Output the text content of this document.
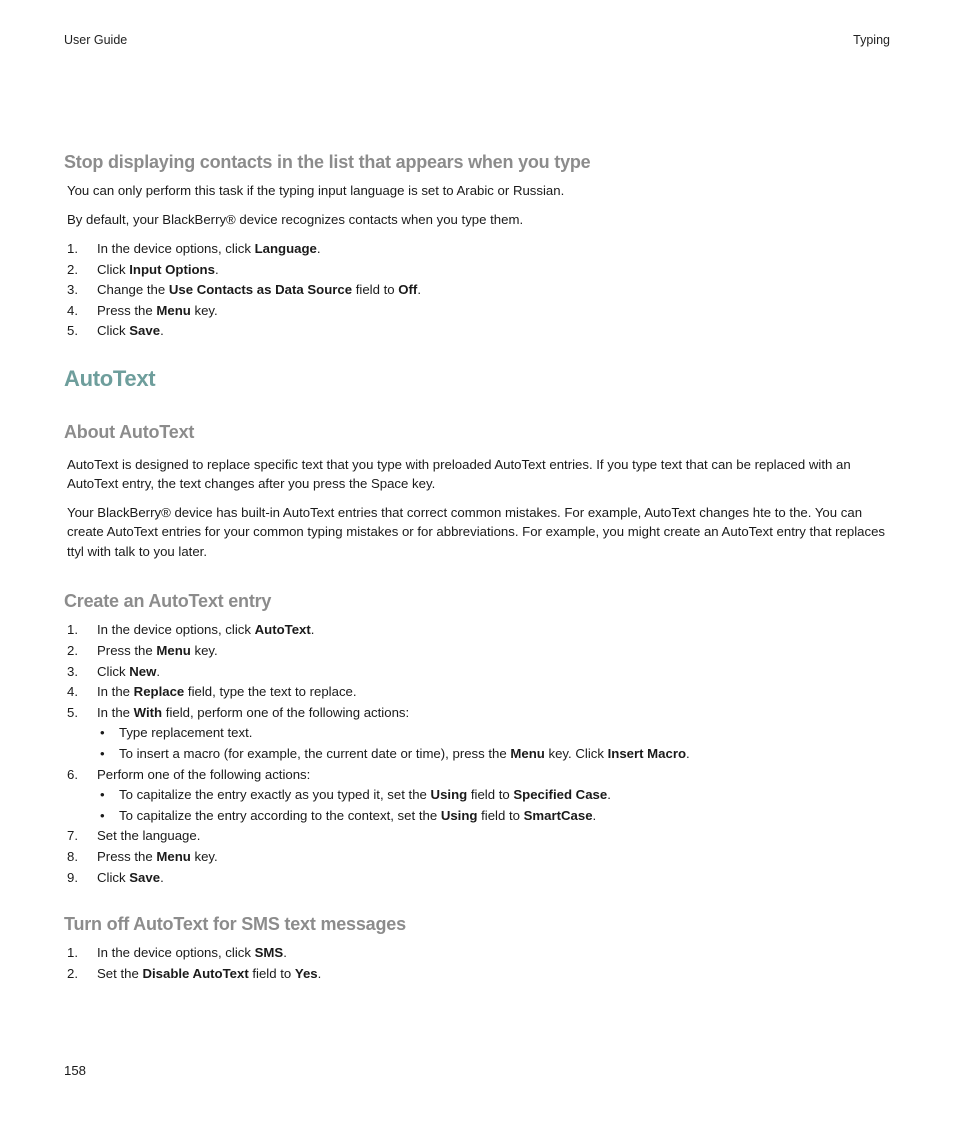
User Guide	Typing
Stop displaying contacts in the list that appears when you type

You can only perform this task if the typing input language is set to Arabic or Russian.

By default, your BlackBerry® device recognizes contacts when you type them.

1. In the device options, click Language.
2. Click Input Options.
3. Change the Use Contacts as Data Source field to Off.
4. Press the Menu key.
5. Click Save.
AutoText
About AutoText

AutoText is designed to replace specific text that you type with preloaded AutoText entries. If you type text that can be replaced with an AutoText entry, the text changes after you press the Space key.

Your BlackBerry® device has built-in AutoText entries that correct common mistakes. For example, AutoText changes hte to the. You can create AutoText entries for your common typing mistakes or for abbreviations. For example, you might create an AutoText entry that replaces ttyl with talk to you later.

Create an AutoText entry
1. In the device options, click AutoText.
2. Press the Menu key.
3. Click New.
4. In the Replace field, type the text to replace.
5. In the With field, perform one of the following actions:
• Type replacement text.
• To insert a macro (for example, the current date or time), press the Menu key. Click Insert Macro.
6. Perform one of the following actions:
• To capitalize the entry exactly as you typed it, set the Using field to Specified Case.
• To capitalize the entry according to the context, set the Using field to SmartCase.
7. Set the language.
8. Press the Menu key.
9. Click Save.
Turn off AutoText for SMS text messages
1. In the device options, click SMS.
2. Set the Disable AutoText field to Yes.
158
